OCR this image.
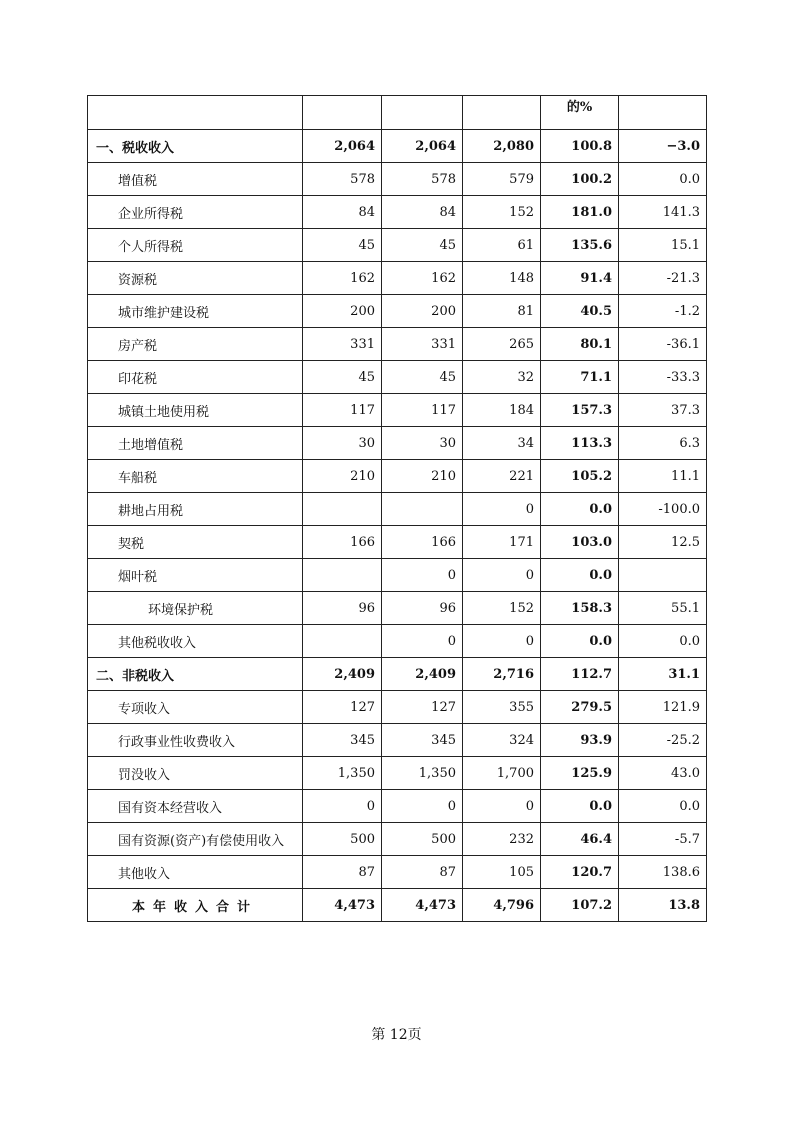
				的%	
一、税收收入	2,064	2,064	2,080	100.8	−3.0
增值税	578	578	579	100.2	0.0
企业所得税	84	84	152	181.0	141.3
个人所得税	45	45	61	135.6	15.1
资源税	162	162	148	91.4	-21.3
城市维护建设税	200	200	81	40.5	-1.2
房产税	331	331	265	80.1	-36.1
印花税	45	45	32	71.1	-33.3
城镇土地使用税	117	117	184	157.3	37.3
土地增值税	30	30	34	113.3	6.3
车船税	210	210	221	105.2	11.1
耕地占用税			0	0.0	-100.0
契税	166	166	171	103.0	12.5
烟叶税		0	0	0.0	
环境保护税	96	96	152	158.3	55.1
其他税收收入		0	0	0.0	0.0
二、非税收入	2,409	2,409	2,716	112.7	31.1
专项收入	127	127	355	279.5	121.9
行政事业性收费收入	345	345	324	93.9	-25.2
罚没收入	1,350	1,350	1,700	125.9	43.0
国有资本经营收入	0	0	0	0.0	0.0
国有资源(资产)有偿使用收入	500	500	232	46.4	-5.7
其他收入	87	87	105	120.7	138.6
本年收入合计	4,473	4,473	4,796	107.2	13.8
第 12页
